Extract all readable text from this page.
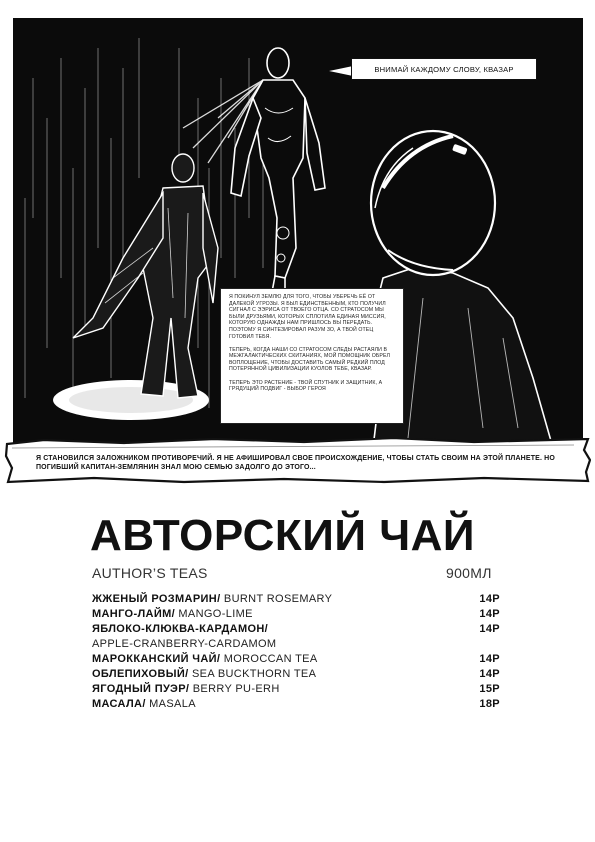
ВНИМАЙ КАЖДОМУ СЛОВУ, КВАЗАР

Я ПОКИНУЛ ЗЕМЛЮ ДЛЯ ТОГО, ЧТОБЫ УБЕРЕЧЬ ЕЁ ОТ ДАЛЕКОЙ УГРОЗЫ. Я БЫЛ ЕДИНСТВЕННЫМ, КТО ПОЛУЧИЛ СИГНАЛ С ЭЭРИСА ОТ ТВОЕГО ОТЦА. СО СТРАТОСОМ МЫ БЫЛИ ДРУЗЬЯМИ, КОТОРЫХ СПЛОТИЛА ЕДИНАЯ МИССИЯ, КОТОРУЮ ОДНАЖДЫ НАМ ПРИШЛОСЬ ВЫ ПЕРЕДАТЬ. ПОЭТОМУ Я СИНТЕЗИРОВАЛ РАЗУМ 3О, А ТВОЙ ОТЕЦ ГОТОВИЛ ТЕБЯ.

ТЕПЕРЬ, КОГДА НАШИ СО СТРАТОСОМ СЛЕДЫ РАСТАЯЛИ В МЕЖГАЛАКТИЧЕСКИХ СКИТАНИЯХ, МОЙ ПОМОЩНИК ОБРЕЛ ВОПЛОЩЕНИЕ, ЧТОБЫ ДОСТАВИТЬ САМЫЙ РЕДКИЙ ПЛОД ПОТЕРЯННОЙ ЦИВИЛИЗАЦИИ КУОЛОВ ТЕБЕ, КВАЗАР.

ТЕПЕРЬ ЭТО РАСТЕНИЕ - ТВОЙ СПУТНИК И ЗАЩИТНИК, А ГРЯДУЩИЙ ПОДВИГ - ВЫБОР ГЕРОЯ

Я СТАНОВИЛСЯ ЗАЛОЖНИКОМ ПРОТИВОРЕЧИЙ. Я НЕ АФИШИРОВАЛ СВОЕ ПРОИСХОЖДЕНИЕ, ЧТОБЫ СТАТЬ СВОИМ НА ЭТОЙ ПЛАНЕТЕ. НО ПОГИБШИЙ КАПИТАН-ЗЕМЛЯНИН ЗНАЛ МОЮ СЕМЬЮ ЗАДОЛГО ДО ЭТОГО...
АВТОРСКИЙ ЧАЙ
AUTHOR’S TEAS	900МЛ
ЖЖЕНЫЙ РОЗМАРИН/ BURNT ROSEMARY	14Р
МАНГО-ЛАЙМ/ MANGO-LIME	14Р
ЯБЛОКО-КЛЮКВА-КАРДАМОН/	14Р
APPLE-CRANBERRY-CARDAMOM
МАРОККАНСКИЙ ЧАЙ/ MOROCCAN TEA	14Р
ОБЛЕПИХОВЫЙ/ SEA BUCKTHORN TEA	14Р
ЯГОДНЫЙ ПУЭР/ BERRY PU-ERH	15Р
МАСАЛА/ MASALA	18Р
